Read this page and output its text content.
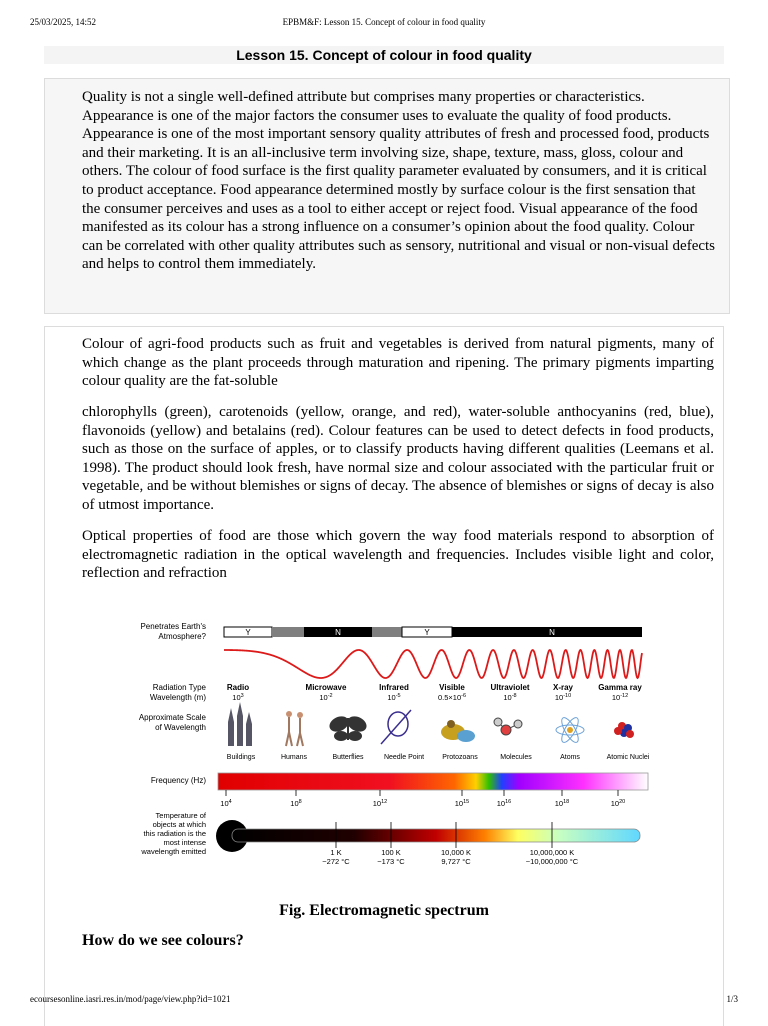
25/03/2025, 14:52	EPBM&F: Lesson 15. Concept of colour in food quality
Lesson 15. Concept of colour in food quality
Quality is not a single well-defined attribute but comprises many properties or characteristics. Appearance is one of the major factors the consumer uses to evaluate the quality of food products. Appearance is one of the most important sensory quality attributes of fresh and processed food, products and their marketing. It is an all-inclusive term involving size, shape, texture, mass, gloss, colour and others. The colour of food surface is the first quality parameter evaluated by consumers, and it is critical to product acceptance. Food appearance determined mostly by surface colour is the first sensation that the consumer perceives and uses as a tool to either accept or reject food. Visual appearance of the food manifested as its colour has a strong influence on a consumer’s opinion about the food quality. Colour can be correlated with other quality attributes such as sensory, nutritional and visual or non-visual defects and helps to control them immediately.
Colour of agri-food products such as fruit and vegetables is derived from natural pigments, many of which change as the plant proceeds through maturation and ripening. The primary pigments imparting colour quality are the fat-soluble
chlorophylls (green), carotenoids (yellow, orange, and red), water-soluble anthocyanins (red, blue), flavonoids (yellow) and betalains (red). Colour features can be used to detect defects in food products, such as those on the surface of apples, or to classify products having different qualities (Leemans et al. 1998). The product should look fresh, have normal size and colour associated with the particular fruit or vegetable, and be without blemishes or signs of decay. The absence of blemishes or signs of decay is also of utmost importance.
Optical properties of food are those which govern the way food materials respond to absorption of electromagnetic radiation in the optical wavelength and frequencies. Includes visible light and color, reflection and refraction
Penetrates Earth's
Atmosphere?	Y	N	Y	N
Radiation Type
Wavelength (m)
Approximate Scale
of Wavelength
Radio	Microwave	Infrared	Visible	Ultraviolet	X-ray	Gamma ray
$10^3$	$10^{-2}$	$10^{-5}$	$0.5\times 10^{-6}$	$10^{-8}$	$10^{-10}$	$10^{-12}$
Buildings	Humans	Butterflies	Needle Point	Protozoans	Molecules	Atoms	Atomic Nuclei
Frequency (Hz)
$10^4$	$10^8$	$10^{12}$	$10^{15}$	$10^{16}$	$10^{18}$	$10^{20}$
Temperature of
objects at which
this radiation is the
most intense
wavelength emitted	1 K
−272 °C
100 K
−173 °C
10,000 K
9,727 °C
10,000,000 K
~10,000,000 °C
Fig. Electromagnetic spectrum
How do we see colours?
ecoursesonline.iasri.res.in/mod/page/view.php?id=1021	1/3
